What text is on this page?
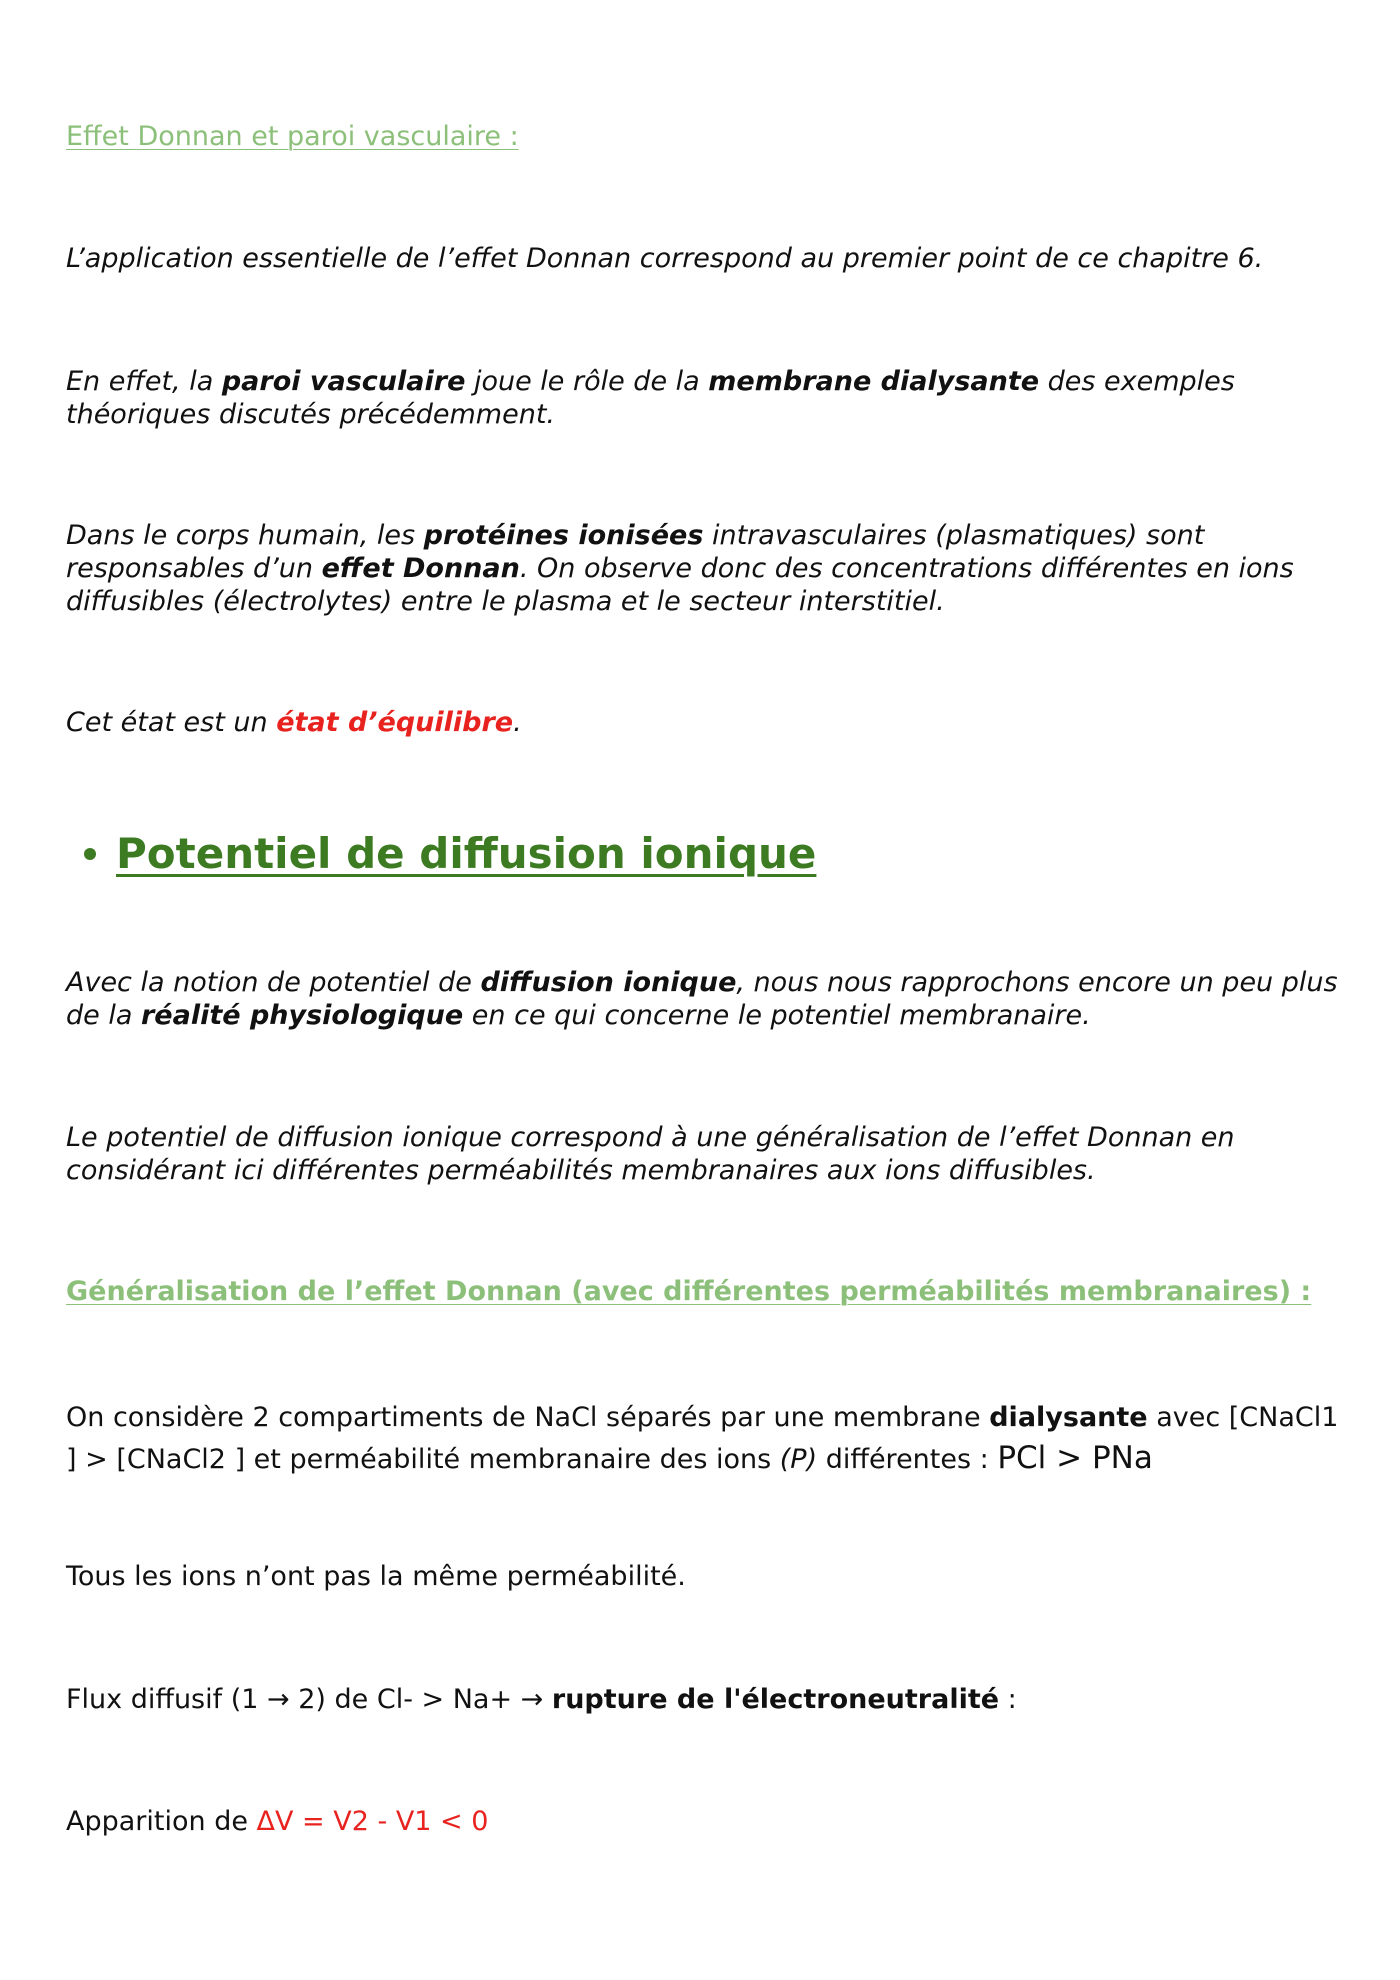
Effet Donnan et paroi vasculaire :

L’application essentielle de l’effet Donnan correspond au premier point de ce chapitre 6.

En effet, la paroi vasculaire joue le rôle de la membrane dialysante des exemples théoriques discutés précédemment.

Dans le corps humain, les protéines ionisées intravasculaires (plasmatiques) sont responsables d’un effet Donnan. On observe donc des concentrations différentes en ions diffusibles (électrolytes) entre le plasma et le secteur interstitiel.

Cet état est un état d’équilibre.

Potentiel de diffusion ionique

Avec la notion de potentiel de diffusion ionique, nous nous rapprochons encore un peu plus de la réalité physiologique en ce qui concerne le potentiel membranaire.

Le potentiel de diffusion ionique correspond à une généralisation de l’effet Donnan en considérant ici différentes perméabilités membranaires aux ions diffusibles.

Généralisation de l’effet Donnan (avec différentes perméabilités membranaires) :

On considère 2 compartiments de NaCl séparés par une membrane dialysante avec [CNaCl1 ] > [CNaCl2 ] et perméabilité membranaire des ions (P) différentes : PCl > PNa

Tous les ions n’ont pas la même perméabilité.

Flux diffusif (1 → 2) de Cl- > Na+ → rupture de l'électroneutralité :

Apparition de ΔV = V2 - V1 < 0
